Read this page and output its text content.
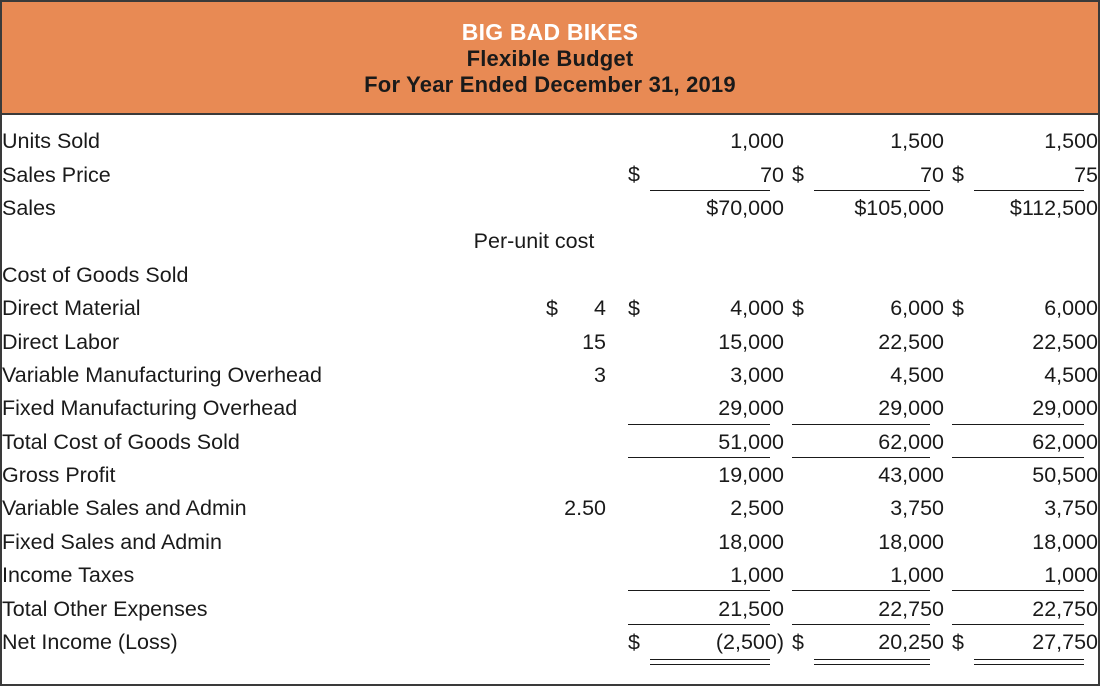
BIG BAD BIKES
Flexible Budget
For Year Ended December 31, 2019
Units Sold		1,000	1,500	1,500

Sales Price		$ 70	$ 70	$ 75

Sales		$70,000	$105,000	$112,500

	Per-unit cost			
Cost of Goods Sold				
Direct Material	$ 4	$ 4,000	$ 6,000	$ 6,000

Direct Labor	15	15,000	22,500	22,500

Variable Manufacturing Overhead	3	3,000	4,500	4,500

Fixed Manufacturing Overhead		29,000	29,000	29,000

Total Cost of Goods Sold		51,000	62,000	62,000

Gross Profit		19,000	43,000	50,500

Variable Sales and Admin	2.50	2,500	3,750	3,750

Fixed Sales and Admin		18,000	18,000	18,000

Income Taxes		1,000	1,000	1,000

Total Other Expenses		21,500	22,750	22,750

Net Income (Loss)		$ (2,500)	$ 20,250	$ 27,750
